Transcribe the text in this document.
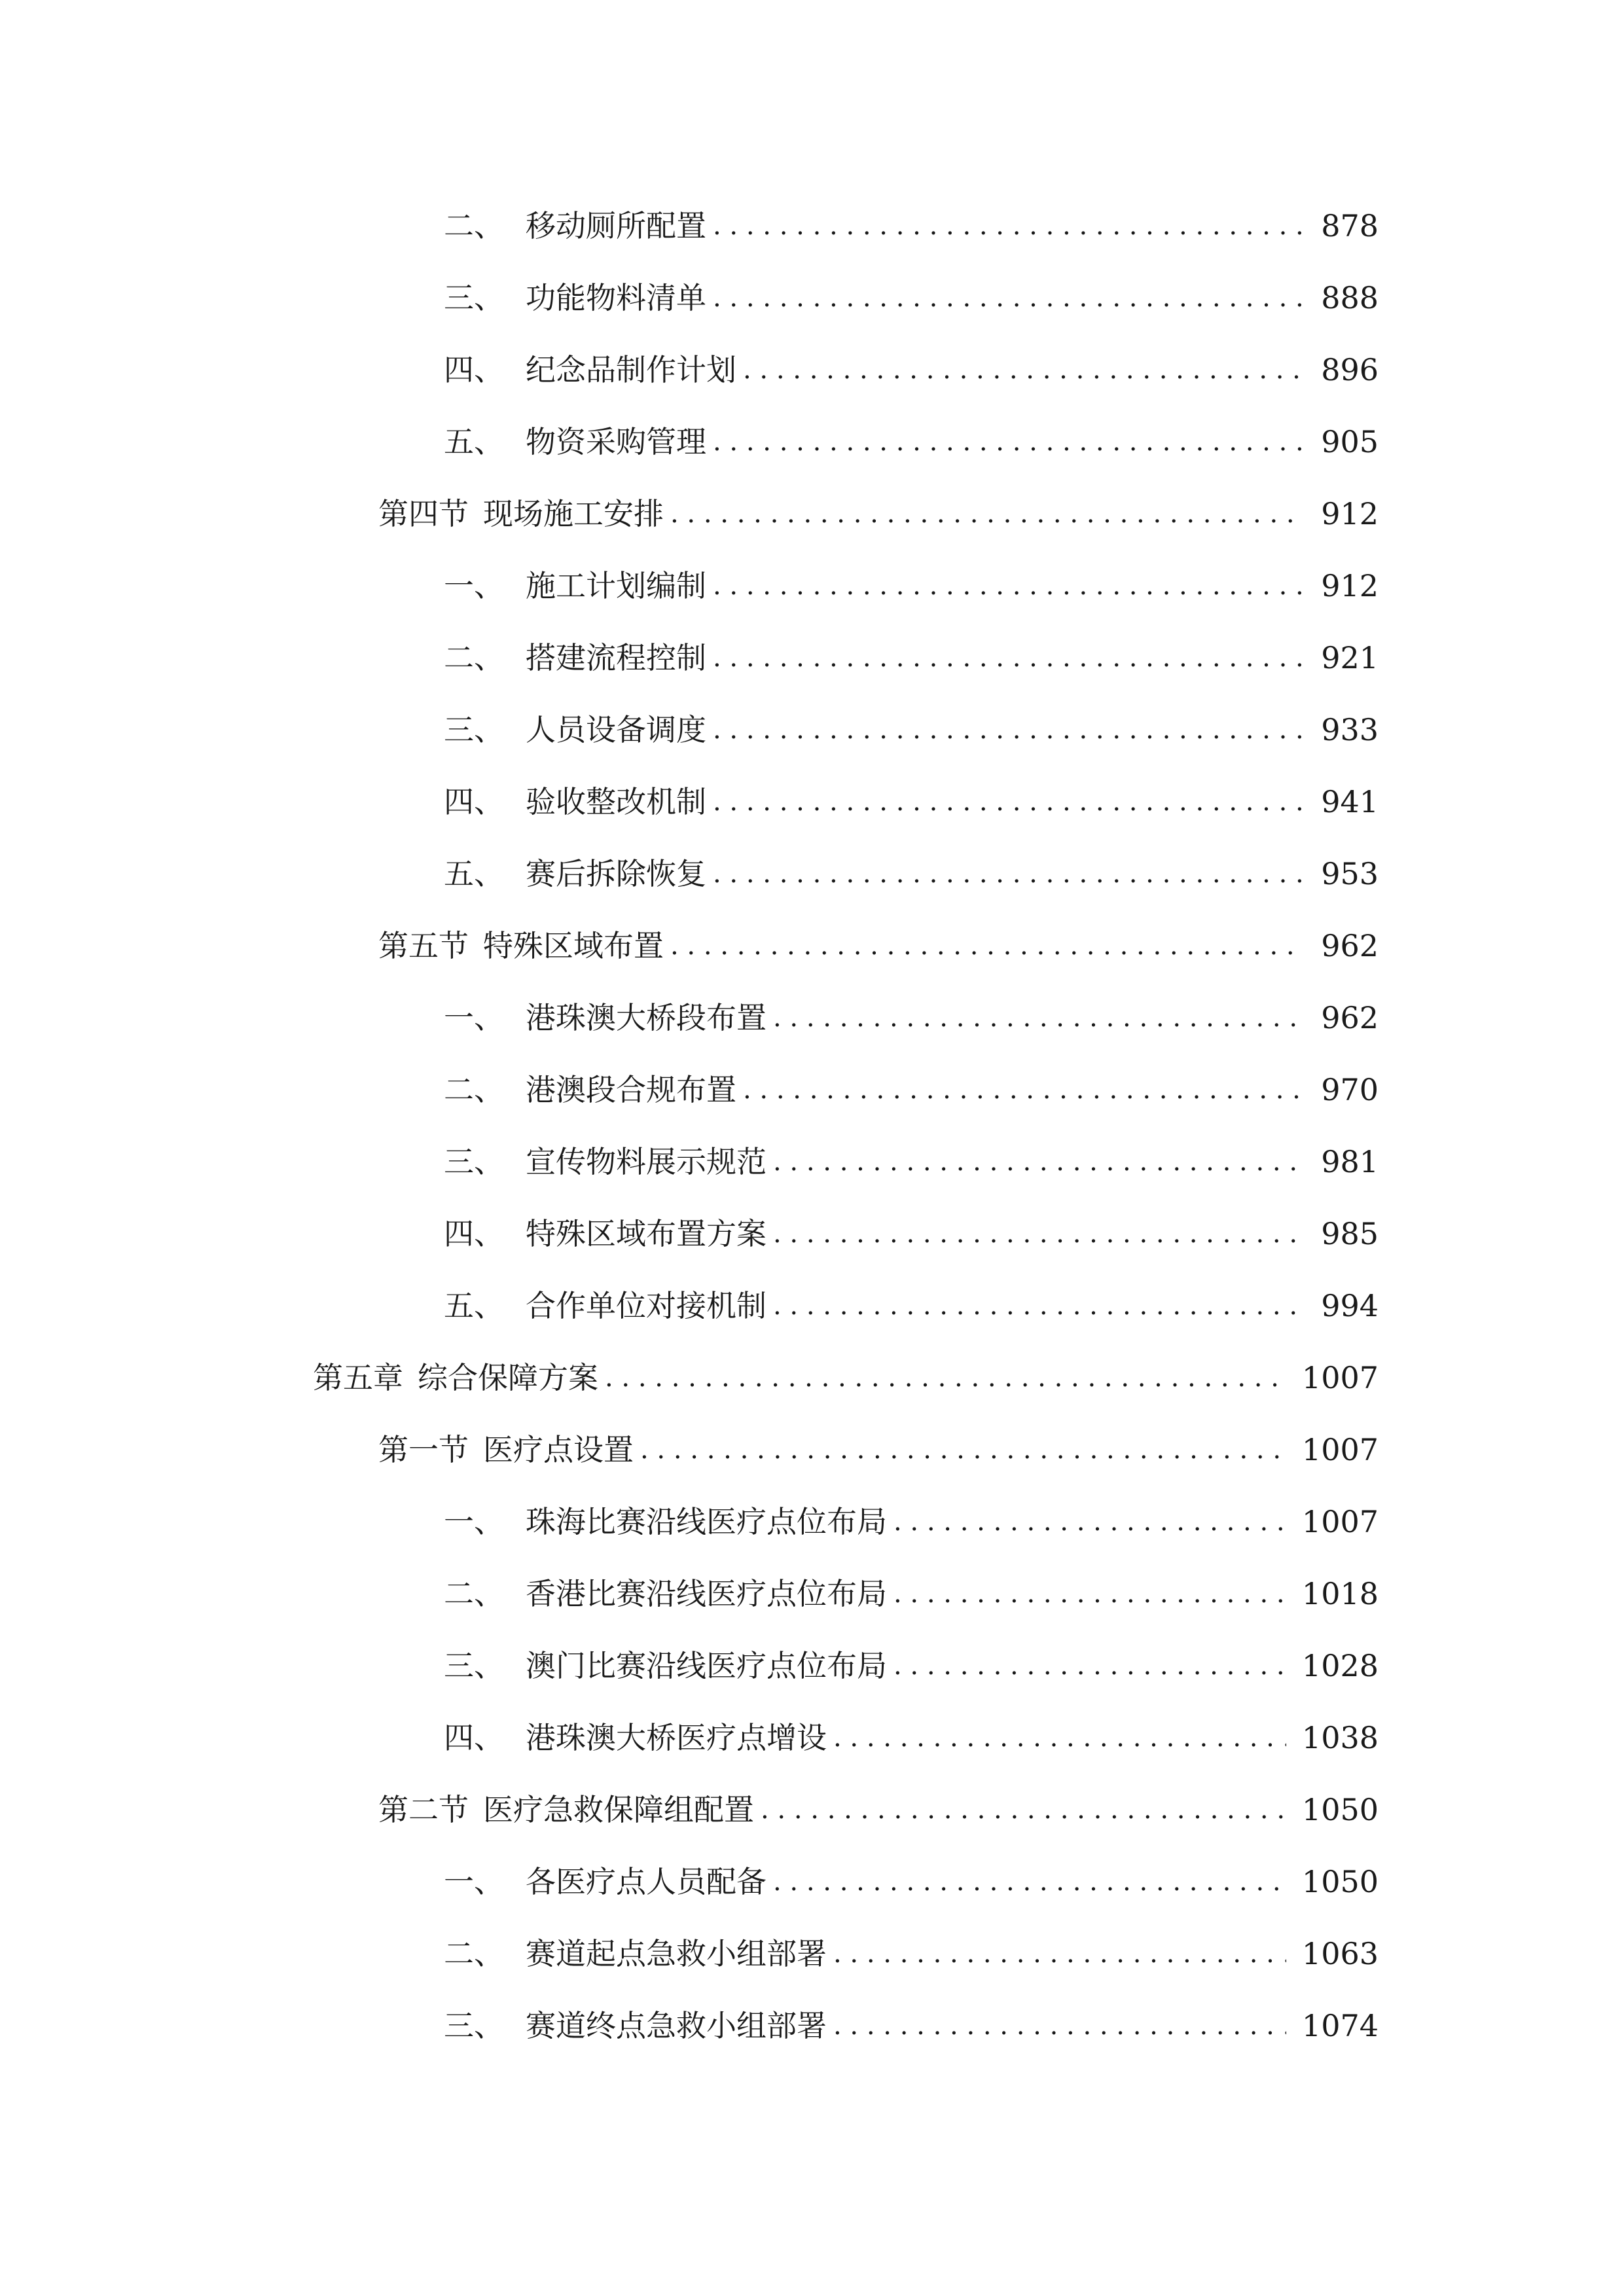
二、 移动厕所配置 . . .	878
三、 功能物料清单 . . .	888
四、 纪念品制作计划 . . .	896
五、 物资采购管理 . . .	905
第四节 现场施工安排 . . .	912
一、 施工计划编制 . . .	912
二、 搭建流程控制 . . .	921
三、 人员设备调度 . . .	933
四、 验收整改机制 . . .	941
五、 赛后拆除恢复 . . .	953
第五节 特殊区域布置 . . .	962
一、 港珠澳大桥段布置 . . .	962
二、 港澳段合规布置 . . .	970
三、 宣传物料展示规范 . . .	981
四、 特殊区域布置方案 . . .	985
五、 合作单位对接机制 . . .	994
第五章 综合保障方案 . . .	1007
第一节 医疗点设置 . . .	1007
一、 珠海比赛沿线医疗点位布局 . . .	1007
二、 香港比赛沿线医疗点位布局 . . .	1018
三、 澳门比赛沿线医疗点位布局 . . .	1028
四、 港珠澳大桥医疗点增设 . . .	1038
第二节 医疗急救保障组配置 . . .	1050
一、 各医疗点人员配备 . . .	1050
二、 赛道起点急救小组部署 . . .	1063
三、 赛道终点急救小组部署 . . .	1074
